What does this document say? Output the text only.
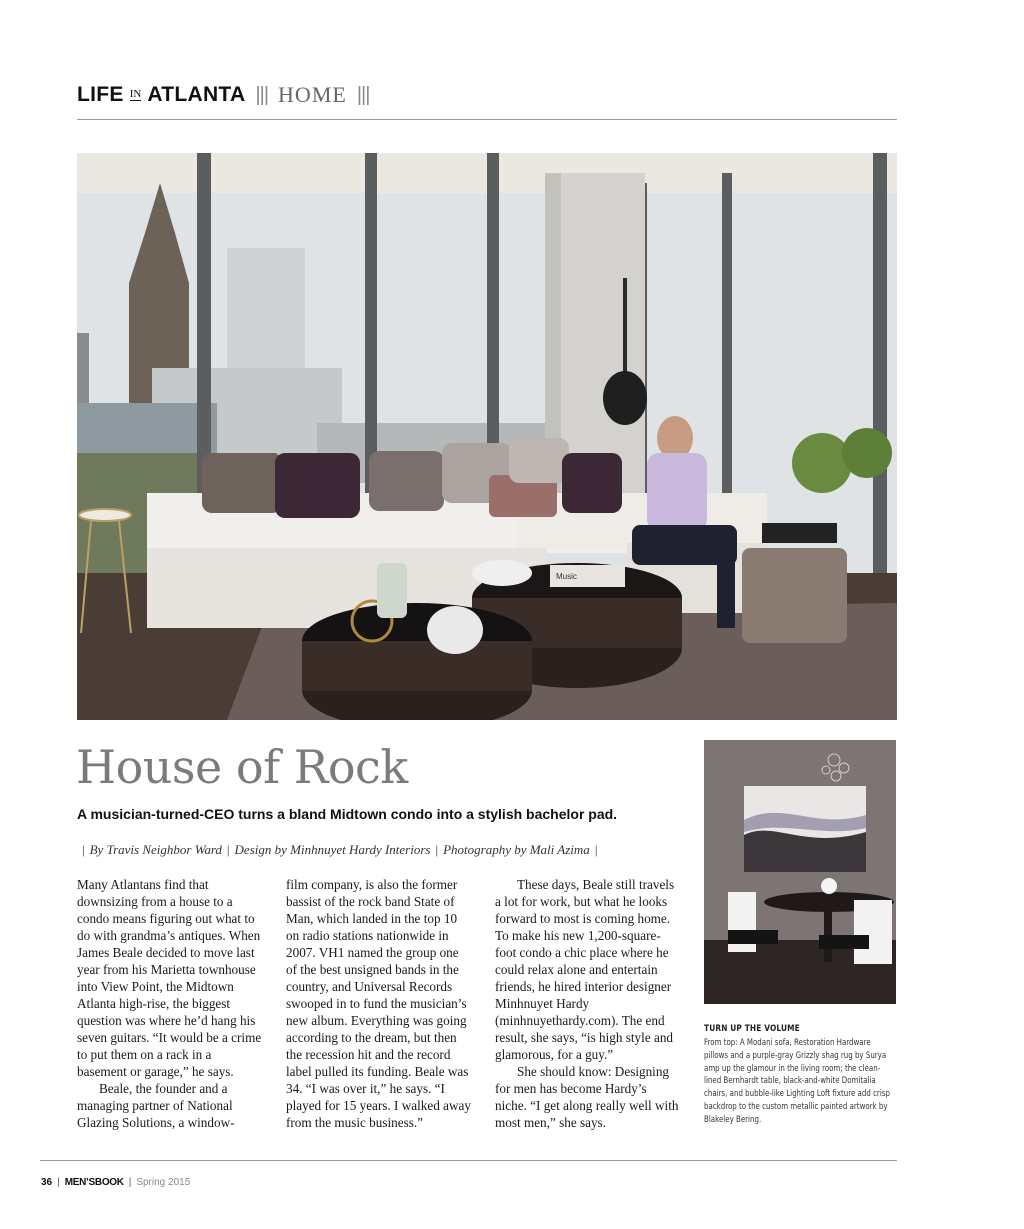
LIFE IN ATLANTA ||| HOME |||
Music
House of Rock
A musician-turned-CEO turns a bland Midtown condo into a stylish bachelor pad.
| By Travis Neighbor Ward | Design by Minhnuyet Hardy Interiors | Photography by Mali Azima |

Many Atlantans find that downsizing from a house to a condo means figuring out what to do with grandma’s antiques. When James Beale decided to move last year from his Marietta townhouse into View Point, the Midtown Atlanta high-rise, the biggest question was where he’d hang his seven guitars. “It would be a crime to put them on a rack in a basement or garage,” he says.

Beale, the founder and a managing partner of National Glazing Solutions, a window-

film company, is also the former bassist of the rock band State of Man, which landed in the top 10 on radio stations nationwide in 2007. VH1 named the group one of the best unsigned bands in the country, and Universal Records swooped in to fund the musician’s new album. Everything was going according to the dream, but then the recession hit and the record label pulled its funding. Beale was 34. “I was over it,” he says. “I played for 15 years. I walked away from the music business.”

These days, Beale still travels a lot for work, but what he looks forward to most is coming home. To make his new 1,200-square-foot condo a chic place where he could relax alone and entertain friends, he hired interior designer Minhnuyet Hardy (minhnuyethardy.com). The end result, she says, “is high style and glamorous, for a guy.”

She should know: Designing for men has become Hardy’s niche. “I get along really well with most men,” she says.

TURN UP THE VOLUME
From top: A Modani sofa, Restoration Hardware pillows and a purple-gray Grizzly shag rug by Surya amp up the glamour in the living room; the clean-lined Bernhardt table, black-and-white Domitalia chairs, and bubble-like Lighting Loft fixture add crisp backdrop to the custom metallic painted artwork by Blakeley Bering.
36 | MEN’SBOOK | Spring 2015
